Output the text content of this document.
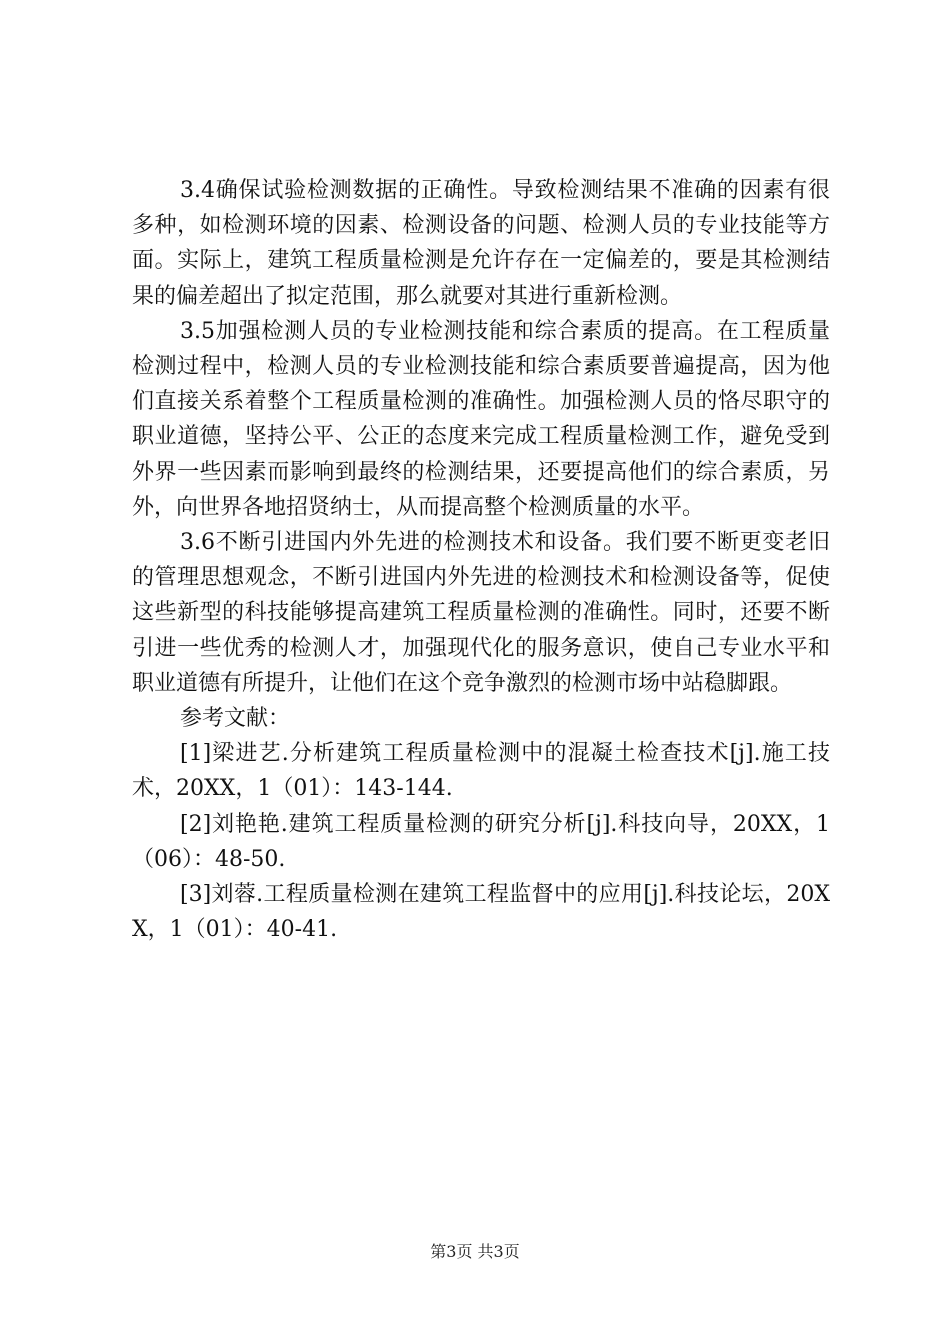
3.4确保试验检测数据的正确性。导致检测结果不准确的因素有很多种，如检测环境的因素、检测设备的问题、检测人员的专业技能等方面。实际上，建筑工程质量检测是允许存在一定偏差的，要是其检测结果的偏差超出了拟定范围，那么就要对其进行重新检测。

3.5加强检测人员的专业检测技能和综合素质的提高。在工程质量检测过程中，检测人员的专业检测技能和综合素质要普遍提高，因为他们直接关系着整个工程质量检测的准确性。加强检测人员的恪尽职守的职业道德，坚持公平、公正的态度来完成工程质量检测工作，避免受到外界一些因素而影响到最终的检测结果，还要提高他们的综合素质，另外，向世界各地招贤纳士，从而提高整个检测质量的水平。

3.6不断引进国内外先进的检测技术和设备。我们要不断更变老旧的管理思想观念，不断引进国内外先进的检测技术和检测设备等，促使这些新型的科技能够提高建筑工程质量检测的准确性。同时，还要不断引进一些优秀的检测人才，加强现代化的服务意识，使自己专业水平和职业道德有所提升，让他们在这个竞争激烈的检测市场中站稳脚跟。

参考文献：

[1]梁进艺.分析建筑工程质量检测中的混凝土检查技术[j].施工技术，20XX，1（01）：143-144.

[2]刘艳艳.建筑工程质量检测的研究分析[j].科技向导，20XX，1（06）：48-50.

[3]刘蓉.工程质量检测在建筑工程监督中的应用[j].科技论坛，20XX，1（01）：40-41.

第3页 共3页
